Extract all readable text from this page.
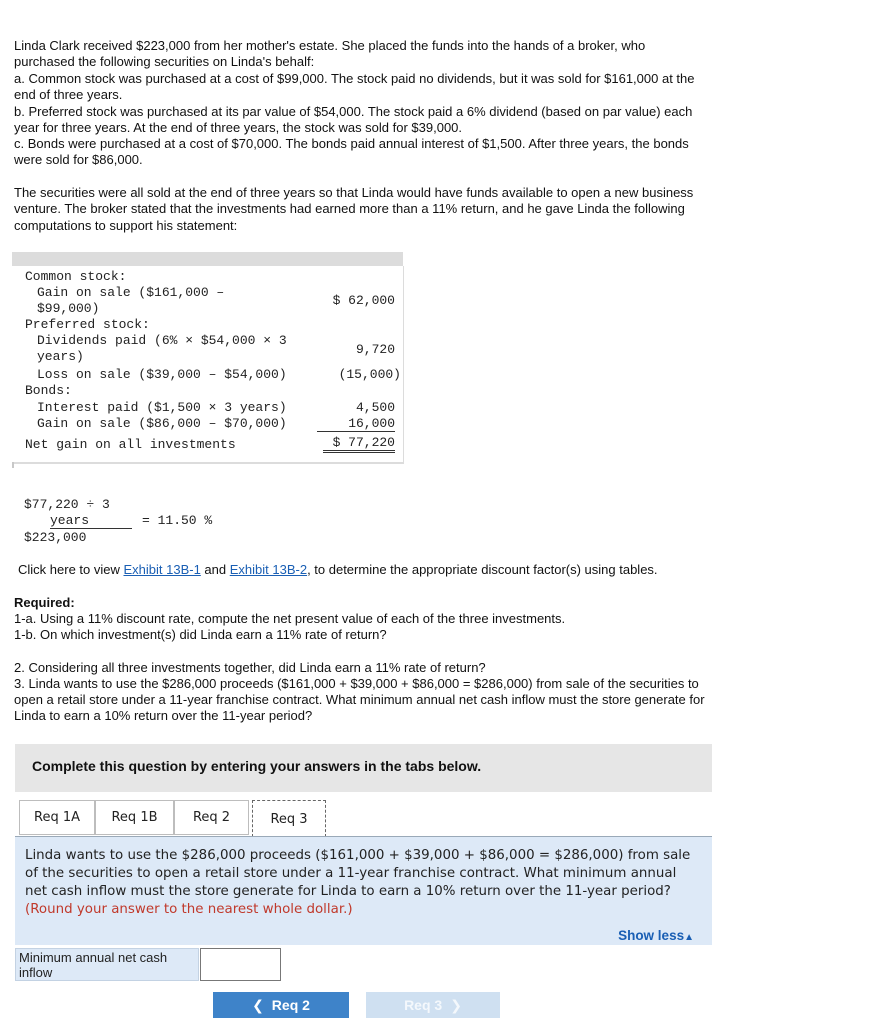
Linda Clark received $223,000 from her mother's estate. She placed the funds into the hands of a broker, who

purchased the following securities on Linda's behalf:

a. Common stock was purchased at a cost of $99,000. The stock paid no dividends, but it was sold for $161,000 at the

end of three years.

b. Preferred stock was purchased at its par value of $54,000. The stock paid a 6% dividend (based on par value) each

year for three years. At the end of three years, the stock was sold for $39,000.

c. Bonds were purchased at a cost of $70,000. The bonds paid annual interest of $1,500. After three years, the bonds

were sold for $86,000.

The securities were all sold at the end of three years so that Linda would have funds available to open a new business

venture. The broker stated that the investments had earned more than a 11% return, and he gave Linda the following

computations to support his statement:

Common stock:
Gain on sale ($161,000 –
$99,000)
$ 62,000
Preferred stock:
Dividends paid (6% × $54,000 × 3
years)	9,720
Loss on sale ($39,000 – $54,000)	(15,000)
Bonds:
Interest paid ($1,500 × 3 years)	4,500
Gain on sale ($86,000 – $70,000)	16,000
Net gain on all investments	$ 77,220
$77,220 ÷ 3
years
$223,000
= 11.50 %

Click here to view Exhibit 13B-1 and Exhibit 13B-2, to determine the appropriate discount factor(s) using tables.

Required:

1-a. Using a 11% discount rate, compute the net present value of each of the three investments.

1-b. On which investment(s) did Linda earn a 11% rate of return?

2. Considering all three investments together, did Linda earn a 11% rate of return?

3. Linda wants to use the $286,000 proceeds ($161,000 + $39,000 + $86,000 = $286,000) from sale of the securities to

open a retail store under a 11-year franchise contract. What minimum annual net cash inflow must the store generate for

Linda to earn a 10% return over the 11-year period?

Complete this question by entering your answers in the tabs below.
Req 1A	Req 1B	Req 2	Req 3

Linda wants to use the $286,000 proceeds ($161,000 + $39,000 + $86,000 = $286,000) from sale of the securities to open a retail store under a 11-year franchise contract. What minimum annual net cash inflow must the store generate for Linda to earn a 10% return over the 11-year period? (Round your answer to the nearest whole dollar.)

Show less▲
Minimum annual net cash inflow
❮ Req 2	Req 3 ❯
